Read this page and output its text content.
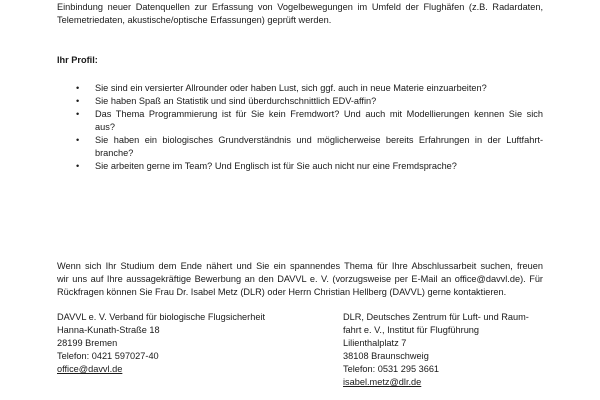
Einbindung neuer Datenquellen zur Erfassung von Vogelbewegungen im Umfeld der Flughäfen (z.B. Radardaten,
Telemetriedaten, akustische/optische Erfassungen) geprüft werden.
Ihr Profil:
• Sie sind ein versierter Allrounder oder haben Lust, sich ggf. auch in neue Materie einzuarbeiten?
• Sie haben Spaß an Statistik und sind überdurchschnittlich EDV-affin?
• Das Thema Programmierung ist für Sie kein Fremdwort? Und auch mit Modellierungen kennen Sie sich
aus?
• Sie haben ein biologisches Grundverständnis und möglicherweise bereits Erfahrungen in der Luftfahrt-
branche?
• Sie arbeiten gerne im Team? Und Englisch ist für Sie auch nicht nur eine Fremdsprache?
Wenn sich Ihr Studium dem Ende nähert und Sie ein spannendes Thema für Ihre Abschlussarbeit suchen, freuen
wir uns auf Ihre aussagekräftige Bewerbung an den DAVVL e. V. (vorzugsweise per E-Mail an office@davvl.de). Für
Rückfragen können Sie Frau Dr. Isabel Metz (DLR) oder Herrn Christian Hellberg (DAVVL) gerne kontaktieren.
DAVVL e. V. Verband für biologische Flugsicherheit
Hanna-Kunath-Straße 18
28199 Bremen
Telefon: 0421 597027-40
office@davvl.de
DLR, Deutsches Zentrum für Luft- und Raum-
fahrt e. V., Institut für Flugführung
Lilienthalplatz 7
38108 Braunschweig
Telefon: 0531 295 3661
isabel.metz@dlr.de
